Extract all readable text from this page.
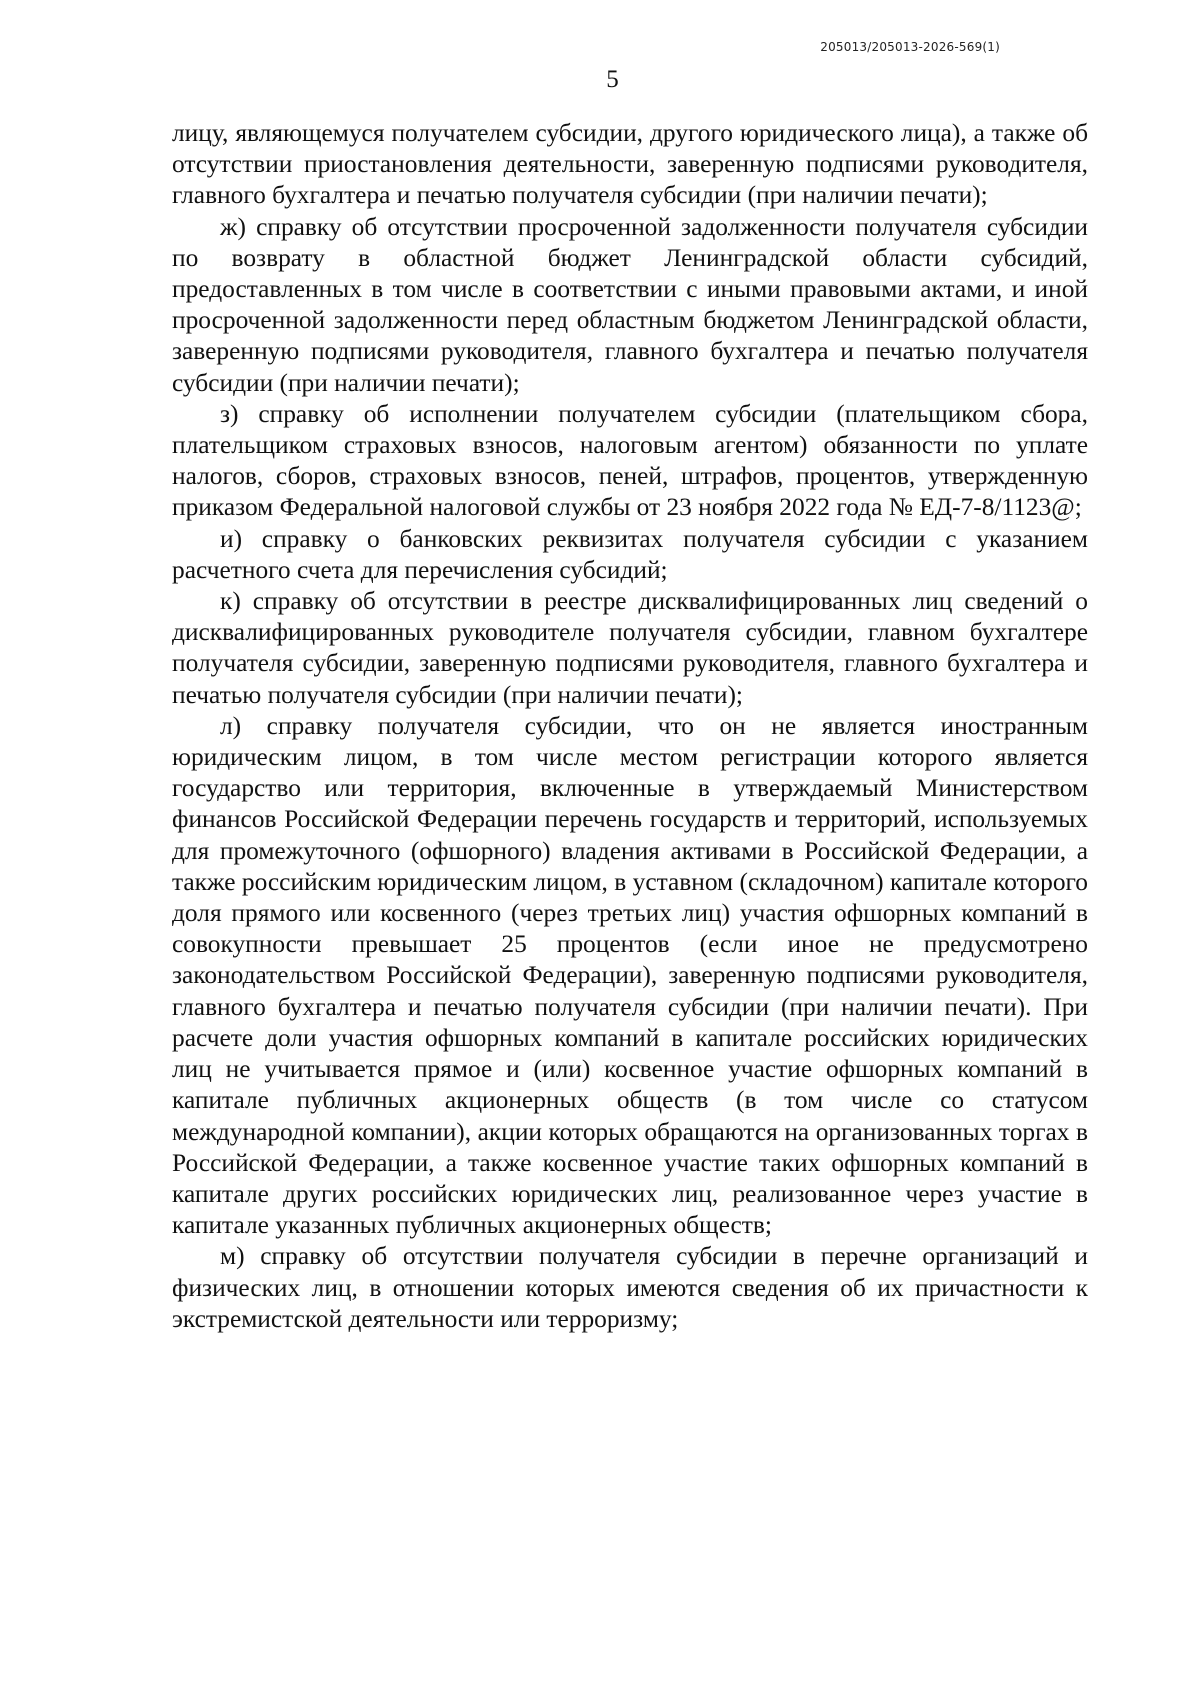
205013/205013-2026-569(1)
5

лицу, являющемуся получателем субсидии, другого юридического лица), а также об отсутствии приостановления деятельности, заверенную подписями руководителя, главного бухгалтера и печатью получателя субсидии (при наличии печати);

ж) справку об отсутствии просроченной задолженности получателя субсидии по возврату в областной бюджет Ленинградской области субсидий, предоставленных в том числе в соответствии с иными правовыми актами, и иной просроченной задолженности перед областным бюджетом Ленинградской области, заверенную подписями руководителя, главного бухгалтера и печатью получателя субсидии (при наличии печати);

з) справку об исполнении получателем субсидии (плательщиком сбора, плательщиком страховых взносов, налоговым агентом) обязанности по уплате налогов, сборов, страховых взносов, пеней, штрафов, процентов, утвержденную приказом Федеральной налоговой службы от 23 ноября 2022 года № ЕД-7-8/1123@;

и) справку о банковских реквизитах получателя субсидии с указанием расчетного счета для перечисления субсидий;

к) справку об отсутствии в реестре дисквалифицированных лиц сведений о дисквалифицированных руководителе получателя субсидии, главном бухгалтере получателя субсидии, заверенную подписями руководителя, главного бухгалтера и печатью получателя субсидии (при наличии печати);

л) справку получателя субсидии, что он не является иностранным юридическим лицом, в том числе местом регистрации которого является государство или территория, включенные в утверждаемый Министерством финансов Российской Федерации перечень государств и территорий, используемых для промежуточного (офшорного) владения активами в Российской Федерации, а также российским юридическим лицом, в уставном (складочном) капитале которого доля прямого или косвенного (через третьих лиц) участия офшорных компаний в совокупности превышает 25 процентов (если иное не предусмотрено законодательством Российской Федерации), заверенную подписями руководителя, главного бухгалтера и печатью получателя субсидии (при наличии печати). При расчете доли участия офшорных компаний в капитале российских юридических лиц не учитывается прямое и (или) косвенное участие офшорных компаний в капитале публичных акционерных обществ (в том числе со статусом международной компании), акции которых обращаются на организованных торгах в Российской Федерации, а также косвенное участие таких офшорных компаний в капитале других российских юридических лиц, реализованное через участие в капитале указанных публичных акционерных обществ;

м) справку об отсутствии получателя субсидии в перечне организаций и физических лиц, в отношении которых имеются сведения об их причастности к экстремистской деятельности или терроризму;
